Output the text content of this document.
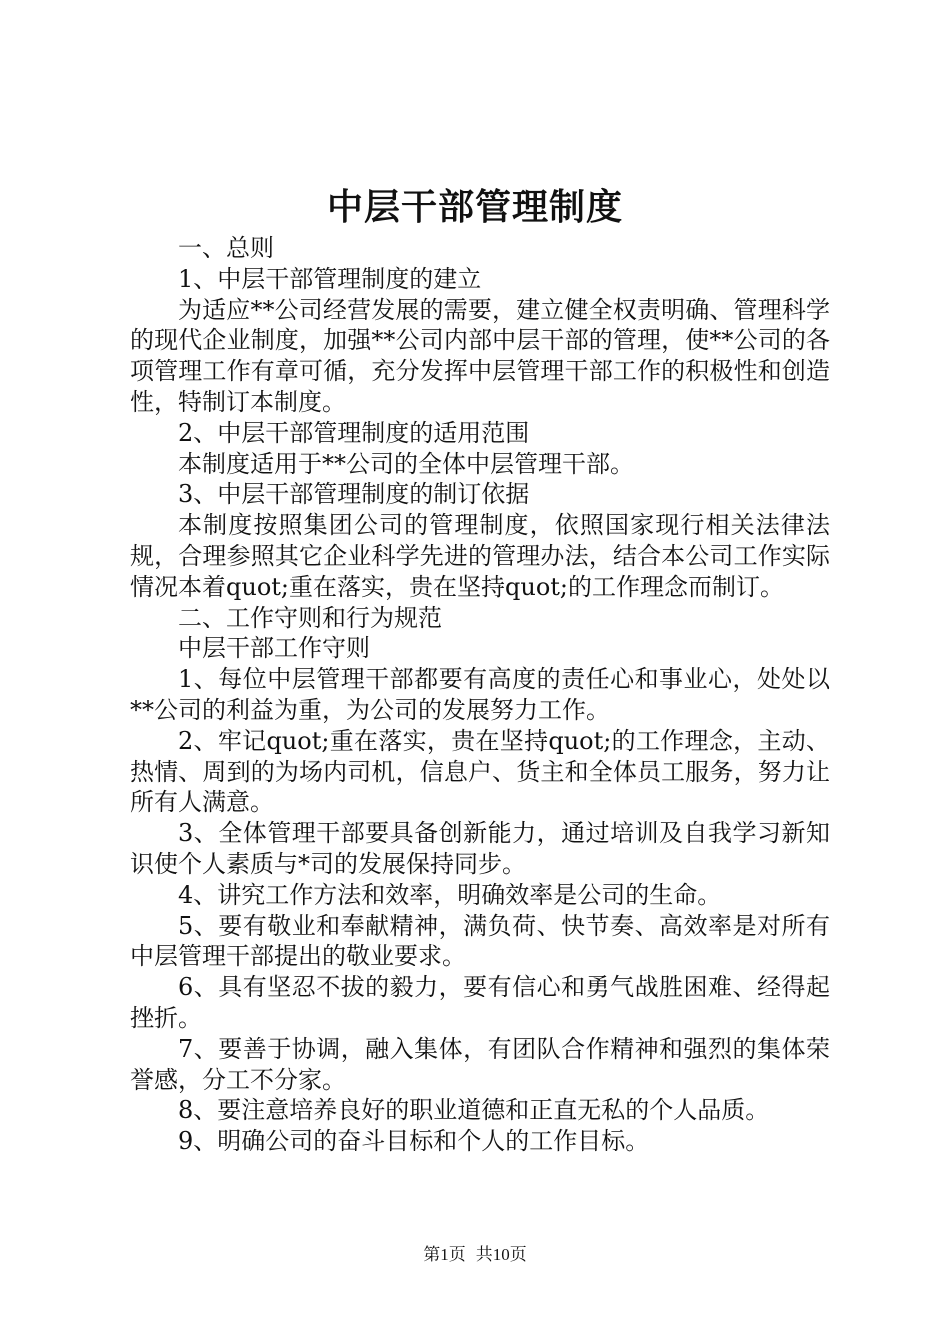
中层干部管理制度

一、总则

1、中层干部管理制度的建立

为适应**公司经营发展的需要，建立健全权责明确、管理科学的现代企业制度，加强**公司内部中层干部的管理，使**公司的各项管理工作有章可循，充分发挥中层管理干部工作的积极性和创造性，特制订本制度。

2、中层干部管理制度的适用范围

本制度适用于**公司的全体中层管理干部。

3、中层干部管理制度的制订依据

本制度按照集团公司的管理制度，依照国家现行相关法律法规，合理参照其它企业科学先进的管理办法，结合本公司工作实际情况本着quot;重在落实，贵在坚持quot;的工作理念而制订。

二、工作守则和行为规范

中层干部工作守则

1、每位中层管理干部都要有高度的责任心和事业心，处处以**公司的利益为重，为公司的发展努力工作。

2、牢记quot;重在落实，贵在坚持quot;的工作理念，主动、热情、周到的为场内司机，信息户、货主和全体员工服务，努力让所有人满意。

3、全体管理干部要具备创新能力，通过培训及自我学习新知识使个人素质与*司的发展保持同步。

4、讲究工作方法和效率，明确效率是公司的生命。

5、要有敬业和奉献精神，满负荷、快节奏、高效率是对所有中层管理干部提出的敬业要求。

6、具有坚忍不拔的毅力，要有信心和勇气战胜困难、经得起挫折。

7、要善于协调，融入集体，有团队合作精神和强烈的集体荣誉感，分工不分家。

8、要注意培养良好的职业道德和正直无私的个人品质。

9、明确公司的奋斗目标和个人的工作目标。

第1页 共10页
